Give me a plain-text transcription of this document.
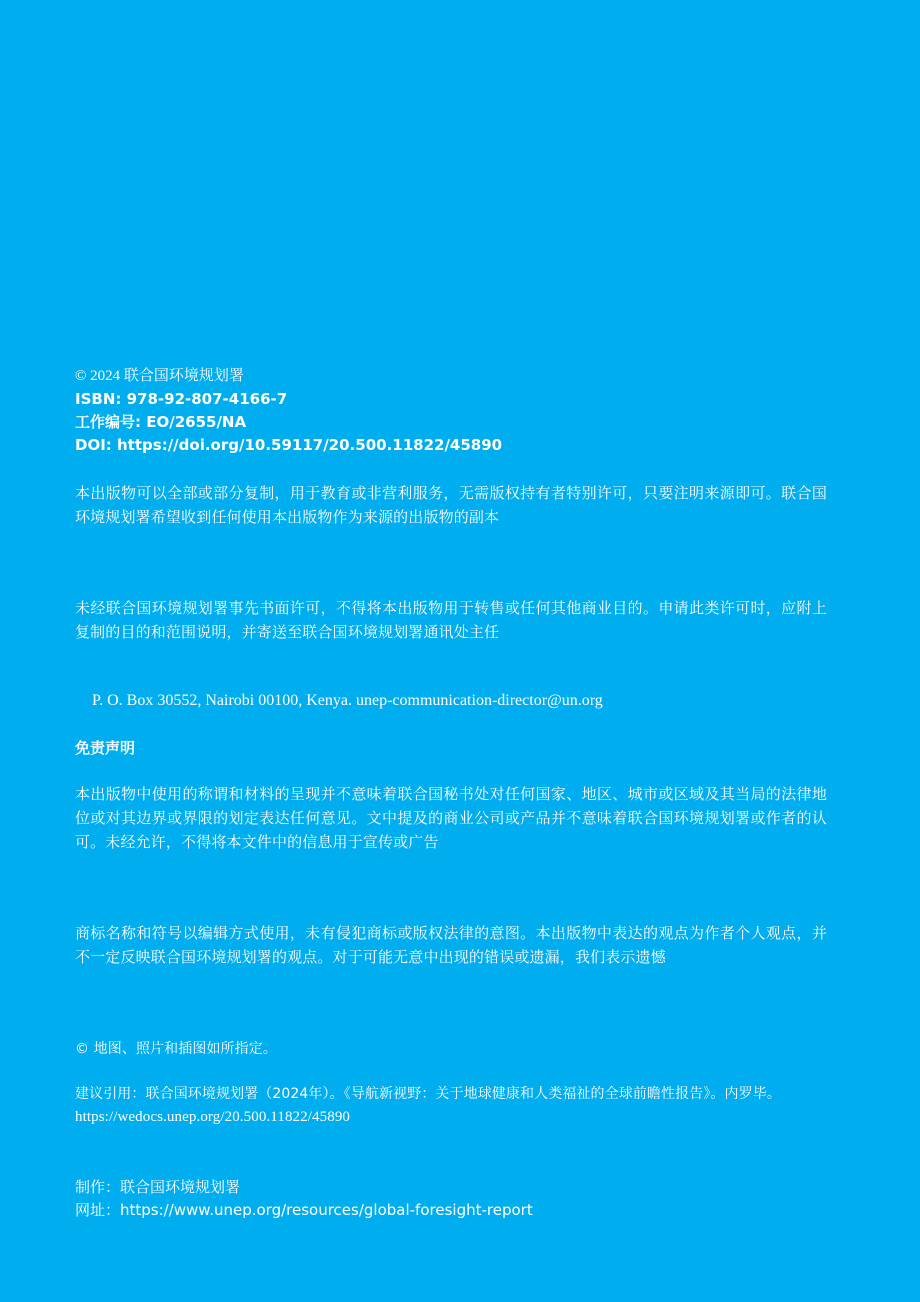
© 2024 联合国环境规划署
ISBN: 978-92-807-4166-7
工作编号: EO/2655/NA
DOI: https://doi.org/10.59117/20.500.11822/45890

本出版物可以全部或部分复制，用于教育或非营利服务，无需版权持有者特别许可，只要注明来源即可。联合国环境规划署希望收到任何使用本出版物作为来源的出版物的副本

未经联合国环境规划署事先书面许可，不得将本出版物用于转售或任何其他商业目的。申请此类许可时，应附上复制的目的和范围说明，并寄送至联合国环境规划署通讯处主任

P. O. Box 30552, Nairobi 00100, Kenya. unep-communication-director@un.org
免责声明

本出版物中使用的称谓和材料的呈现并不意味着联合国秘书处对任何国家、地区、城市或区域及其当局的法律地位或对其边界或界限的划定表达任何意见。文中提及的商业公司或产品并不意味着联合国环境规划署或作者的认可。未经允许，不得将本文件中的信息用于宣传或广告

商标名称和符号以编辑方式使用，未有侵犯商标或版权法律的意图。本出版物中表达的观点为作者个人观点，并不一定反映联合国环境规划署的观点。对于可能无意中出现的错误或遗漏，我们表示遗憾

© 地图、照片和插图如所指定。
建议引用：联合国环境规划署（2024年）。《导航新视野：关于地球健康和人类福祉的全球前瞻性报告》。内罗毕。
https://wedocs.unep.org/20.500.11822/45890
制作：联合国环境规划署
网址：https://www.unep.org/resources/global-foresight-report
